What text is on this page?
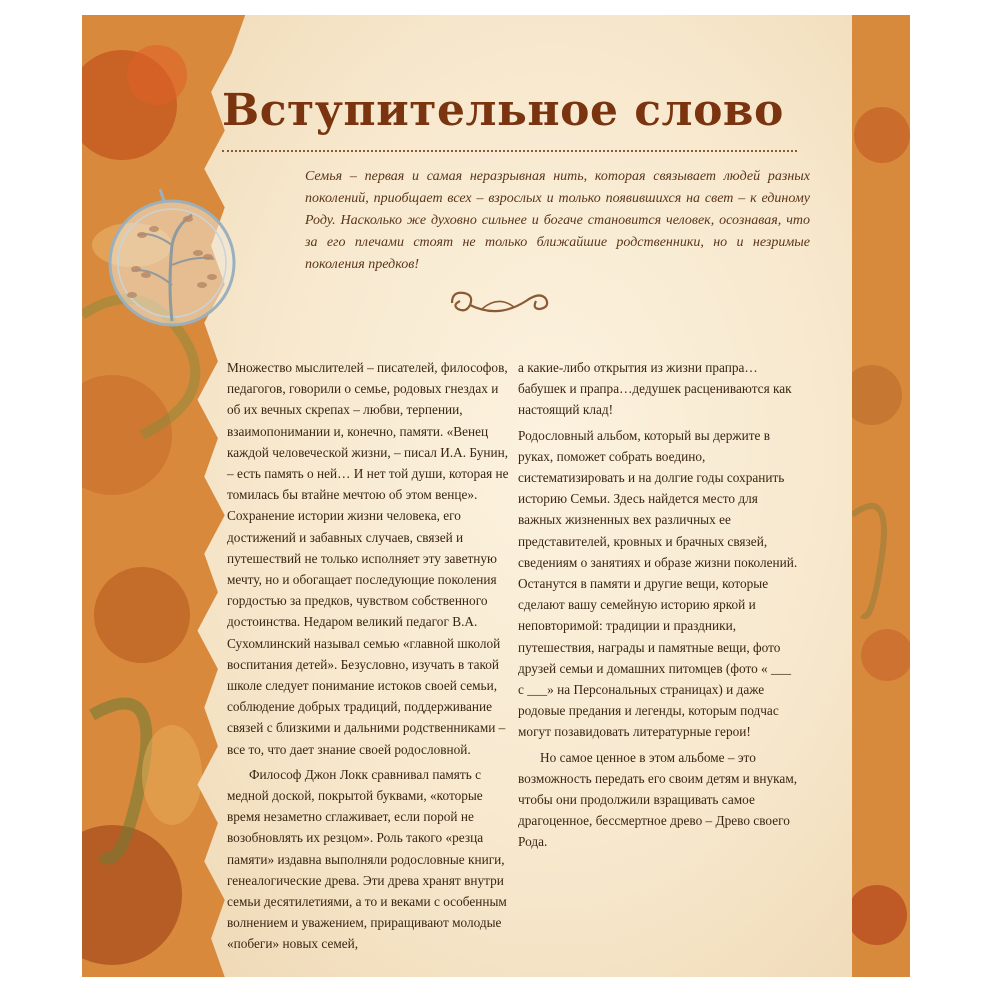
Вступительное слово

Семья – первая и самая неразрывная нить, которая связывает людей разных поколений, приобщает всех – взрослых и только появившихся на свет – к единому Роду. Насколько же духовно сильнее и богаче становится человек, осознавая, что за его плечами стоят не только ближайшие родственники, но и незримые поколения предков!

Множество мыслителей – писателей, философов, педагогов, говорили о семье, родовых гнездах и об их вечных скрепах – любви, терпении, взаимопонимании и, конечно, памяти. «Венец каждой человеческой жизни, – писал И.А. Бунин, – есть память о ней… И нет той души, которая не томилась бы втайне мечтою об этом венце». Сохранение истории жизни человека, его достижений и забавных случаев, связей и путешествий не только исполняет эту заветную мечту, но и обогащает последующие поколения гордостью за предков, чувством собственного достоинства. Недаром великий педагог В.А. Сухомлинский называл семью «главной школой воспитания детей». Безусловно, изучать в такой школе следует понимание истоков своей семьи, соблюдение добрых традиций, поддерживание связей с близкими и дальними родственниками – все то, что дает знание своей родословной.

Философ Джон Локк сравнивал память с медной доской, покрытой буквами, «которые время незаметно сглаживает, если порой не возобновлять их резцом». Роль такого «резца памяти» издавна выполняли родословные книги, генеалогические древа. Эти древа хранят внутри семьи десятилетиями, а то и веками с особенным волнением и уважением, приращивают молодые «побеги» новых семей,

а какие-либо открытия из жизни прапра… бабушек и прапра…дедушек расцениваются как настоящий клад!

Родословный альбом, который вы держите в руках, поможет собрать воедино, систематизировать и на долгие годы сохранить историю Семьи. Здесь найдется место для важных жизненных вех различных ее представителей, кровных и брачных связей, сведениям о занятиях и образе жизни поколений. Останутся в памяти и другие вещи, которые сделают вашу семейную историю яркой и неповторимой: традиции и праздники, путешествия, награды и памятные вещи, фото друзей семьи и домашних питомцев (фото « ___ с ___» на Персональных страницах) и даже родовые предания и легенды, которым подчас могут позавидовать литературные герои!

Но самое ценное в этом альбоме – это возможность передать его своим детям и внукам, чтобы они продолжили взращивать самое драгоценное, бессмертное древо – Древо своего Рода.
